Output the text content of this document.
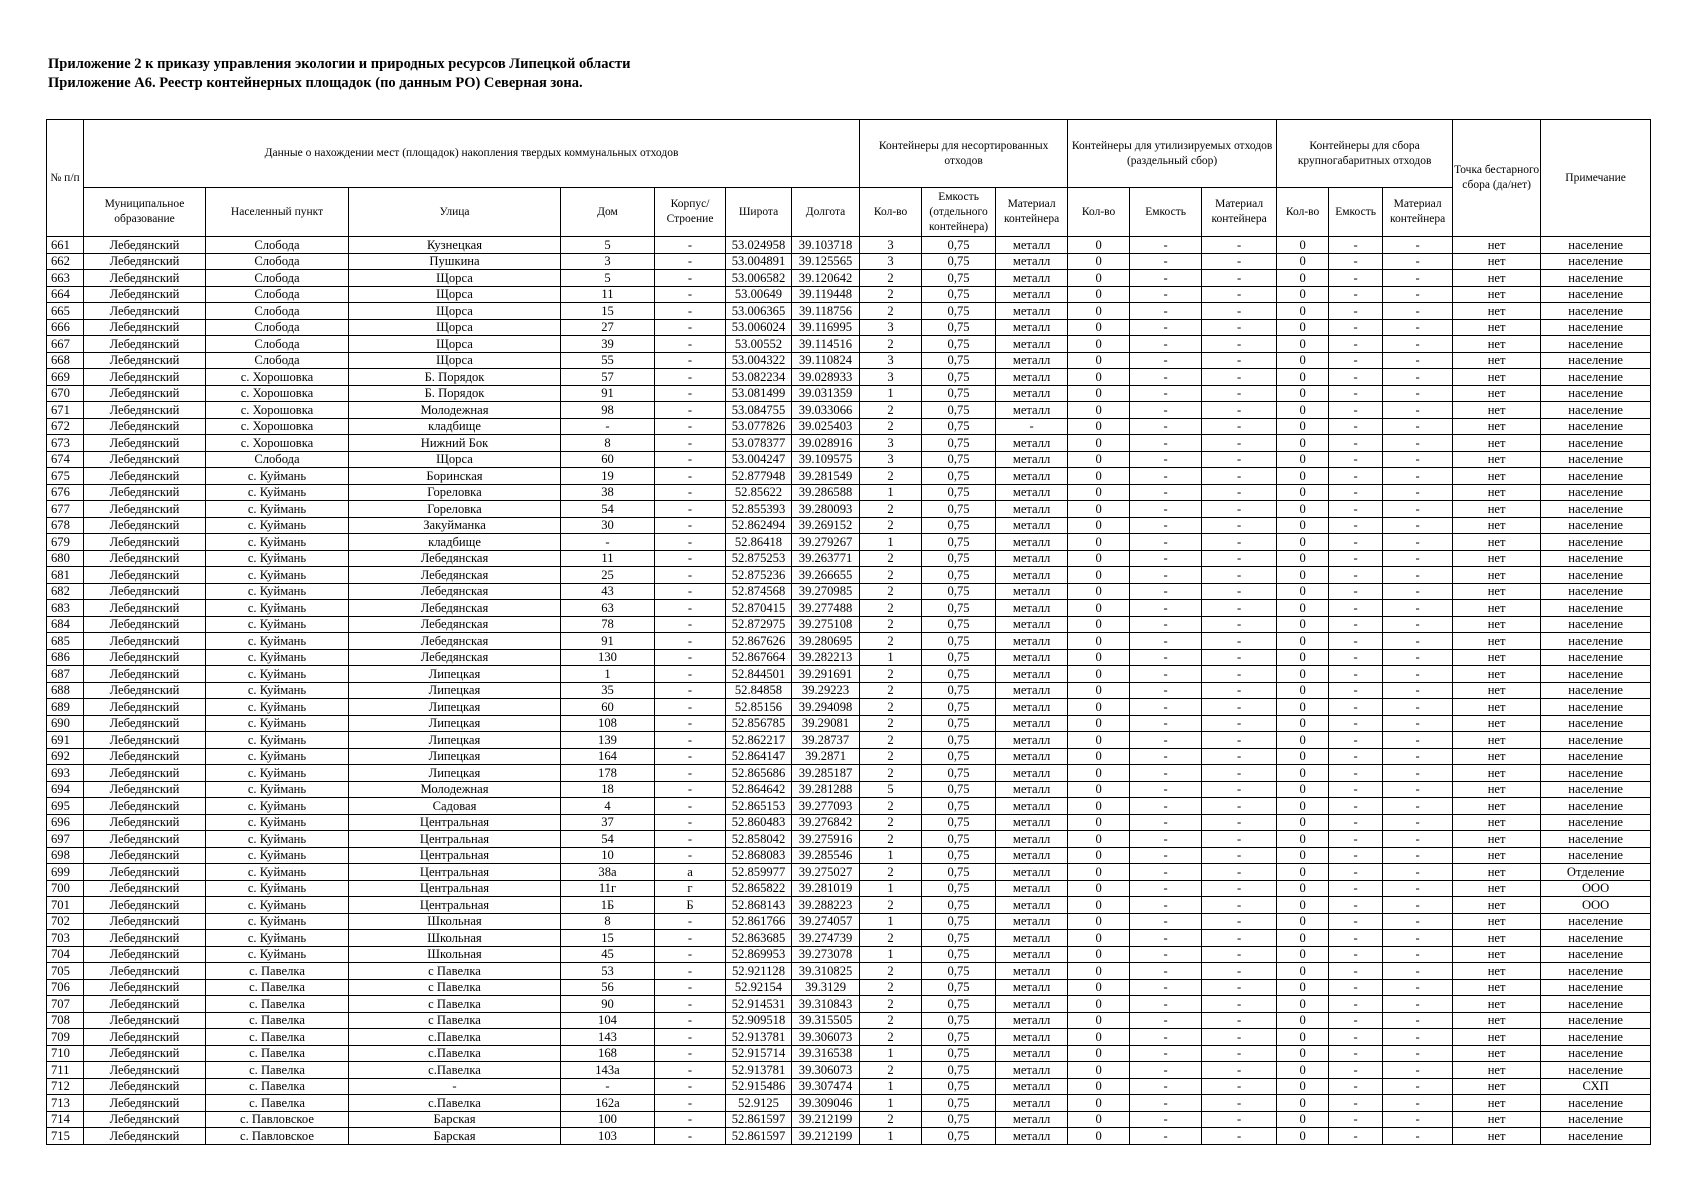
Приложение 2 к приказу управления экологии и природных ресурсов Липецкой области
Приложение А6. Реестр контейнерных площадок (по данным РО) Северная зона.
№ п/п	Данные о нахождении мест (площадок) накопления твердых коммунальных отходов							Контейнеры для несортированных отходов			Контейнеры для утилизируемых отходов (раздельный сбор)			Контейнеры для сбора крупногабаритных отходов			Точка бестарного сбора (да/нет)	Примечание
	Муниципальное образование	Населенный пункт	Улица	Дом	Корпус/ Строение	Широта	Долгота	Кол-во	Емкость (отдельного контейнера)	Материал контейнера	Кол-во	Емкость	Материал контейнера	Кол-во	Емкость	Материал контейнера		
661	Лебедянский	Слобода	Кузнецкая	5	-	53.024958	39.103718	3	0,75	металл	0	-	-	0	-	-	нет	население
662	Лебедянский	Слобода	Пушкина	3	-	53.004891	39.125565	3	0,75	металл	0	-	-	0	-	-	нет	население
663	Лебедянский	Слобода	Щорса	5	-	53.006582	39.120642	2	0,75	металл	0	-	-	0	-	-	нет	население
664	Лебедянский	Слобода	Щорса	11	-	53.00649	39.119448	2	0,75	металл	0	-	-	0	-	-	нет	население
665	Лебедянский	Слобода	Щорса	15	-	53.006365	39.118756	2	0,75	металл	0	-	-	0	-	-	нет	население
666	Лебедянский	Слобода	Щорса	27	-	53.006024	39.116995	3	0,75	металл	0	-	-	0	-	-	нет	население
667	Лебедянский	Слобода	Щорса	39	-	53.00552	39.114516	2	0,75	металл	0	-	-	0	-	-	нет	население
668	Лебедянский	Слобода	Щорса	55	-	53.004322	39.110824	3	0,75	металл	0	-	-	0	-	-	нет	население
669	Лебедянский	с. Хорошовка	Б. Порядок	57	-	53.082234	39.028933	3	0,75	металл	0	-	-	0	-	-	нет	население
670	Лебедянский	с. Хорошовка	Б. Порядок	91	-	53.081499	39.031359	1	0,75	металл	0	-	-	0	-	-	нет	население
671	Лебедянский	с. Хорошовка	Молодежная	98	-	53.084755	39.033066	2	0,75	металл	0	-	-	0	-	-	нет	население
672	Лебедянский	с. Хорошовка	кладбище	-	-	53.077826	39.025403	2	0,75	-	0	-	-	0	-	-	нет	население
673	Лебедянский	с. Хорошовка	Нижний Бок	8	-	53.078377	39.028916	3	0,75	металл	0	-	-	0	-	-	нет	население
674	Лебедянский	Слобода	Щорса	60	-	53.004247	39.109575	3	0,75	металл	0	-	-	0	-	-	нет	население
675	Лебедянский	с. Куймань	Боринская	19	-	52.877948	39.281549	2	0,75	металл	0	-	-	0	-	-	нет	население
676	Лебедянский	с. Куймань	Гореловка	38	-	52.85622	39.286588	1	0,75	металл	0	-	-	0	-	-	нет	население
677	Лебедянский	с. Куймань	Гореловка	54	-	52.855393	39.280093	2	0,75	металл	0	-	-	0	-	-	нет	население
678	Лебедянский	с. Куймань	Закуйманка	30	-	52.862494	39.269152	2	0,75	металл	0	-	-	0	-	-	нет	население
679	Лебедянский	с. Куймань	кладбище	-	-	52.86418	39.279267	1	0,75	металл	0	-	-	0	-	-	нет	население
680	Лебедянский	с. Куймань	Лебедянская	11	-	52.875253	39.263771	2	0,75	металл	0	-	-	0	-	-	нет	население
681	Лебедянский	с. Куймань	Лебедянская	25	-	52.875236	39.266655	2	0,75	металл	0	-	-	0	-	-	нет	население
682	Лебедянский	с. Куймань	Лебедянская	43	-	52.874568	39.270985	2	0,75	металл	0	-	-	0	-	-	нет	население
683	Лебедянский	с. Куймань	Лебедянская	63	-	52.870415	39.277488	2	0,75	металл	0	-	-	0	-	-	нет	население
684	Лебедянский	с. Куймань	Лебедянская	78	-	52.872975	39.275108	2	0,75	металл	0	-	-	0	-	-	нет	население
685	Лебедянский	с. Куймань	Лебедянская	91	-	52.867626	39.280695	2	0,75	металл	0	-	-	0	-	-	нет	население
686	Лебедянский	с. Куймань	Лебедянская	130	-	52.867664	39.282213	1	0,75	металл	0	-	-	0	-	-	нет	население
687	Лебедянский	с. Куймань	Липецкая	1	-	52.844501	39.291691	2	0,75	металл	0	-	-	0	-	-	нет	население
688	Лебедянский	с. Куймань	Липецкая	35	-	52.84858	39.29223	2	0,75	металл	0	-	-	0	-	-	нет	население
689	Лебедянский	с. Куймань	Липецкая	60	-	52.85156	39.294098	2	0,75	металл	0	-	-	0	-	-	нет	население
690	Лебедянский	с. Куймань	Липецкая	108	-	52.856785	39.29081	2	0,75	металл	0	-	-	0	-	-	нет	население
691	Лебедянский	с. Куймань	Липецкая	139	-	52.862217	39.28737	2	0,75	металл	0	-	-	0	-	-	нет	население
692	Лебедянский	с. Куймань	Липецкая	164	-	52.864147	39.2871	2	0,75	металл	0	-	-	0	-	-	нет	население
693	Лебедянский	с. Куймань	Липецкая	178	-	52.865686	39.285187	2	0,75	металл	0	-	-	0	-	-	нет	население
694	Лебедянский	с. Куймань	Молодежная	18	-	52.864642	39.281288	5	0,75	металл	0	-	-	0	-	-	нет	население
695	Лебедянский	с. Куймань	Садовая	4	-	52.865153	39.277093	2	0,75	металл	0	-	-	0	-	-	нет	население
696	Лебедянский	с. Куймань	Центральная	37	-	52.860483	39.276842	2	0,75	металл	0	-	-	0	-	-	нет	население
697	Лебедянский	с. Куймань	Центральная	54	-	52.858042	39.275916	2	0,75	металл	0	-	-	0	-	-	нет	население
698	Лебедянский	с. Куймань	Центральная	10	-	52.868083	39.285546	1	0,75	металл	0	-	-	0	-	-	нет	население
699	Лебедянский	с. Куймань	Центральная	38а	а	52.859977	39.275027	2	0,75	металл	0	-	-	0	-	-	нет	Отделение
700	Лебедянский	с. Куймань	Центральная	11г	г	52.865822	39.281019	1	0,75	металл	0	-	-	0	-	-	нет	ООО
701	Лебедянский	с. Куймань	Центральная	1Б	Б	52.868143	39.288223	2	0,75	металл	0	-	-	0	-	-	нет	ООО
702	Лебедянский	с. Куймань	Школьная	8	-	52.861766	39.274057	1	0,75	металл	0	-	-	0	-	-	нет	население
703	Лебедянский	с. Куймань	Школьная	15	-	52.863685	39.274739	2	0,75	металл	0	-	-	0	-	-	нет	население
704	Лебедянский	с. Куймань	Школьная	45	-	52.869953	39.273078	1	0,75	металл	0	-	-	0	-	-	нет	население
705	Лебедянский	с. Павелка	с Павелка	53	-	52.921128	39.310825	2	0,75	металл	0	-	-	0	-	-	нет	население
706	Лебедянский	с. Павелка	с Павелка	56	-	52.92154	39.3129	2	0,75	металл	0	-	-	0	-	-	нет	население
707	Лебедянский	с. Павелка	с Павелка	90	-	52.914531	39.310843	2	0,75	металл	0	-	-	0	-	-	нет	население
708	Лебедянский	с. Павелка	с Павелка	104	-	52.909518	39.315505	2	0,75	металл	0	-	-	0	-	-	нет	население
709	Лебедянский	с. Павелка	с.Павелка	143	-	52.913781	39.306073	2	0,75	металл	0	-	-	0	-	-	нет	население
710	Лебедянский	с. Павелка	с.Павелка	168	-	52.915714	39.316538	1	0,75	металл	0	-	-	0	-	-	нет	население
711	Лебедянский	с. Павелка	с.Павелка	143а	-	52.913781	39.306073	2	0,75	металл	0	-	-	0	-	-	нет	население
712	Лебедянский	с. Павелка	-	-	-	52.915486	39.307474	1	0,75	металл	0	-	-	0	-	-	нет	СХП
713	Лебедянский	с. Павелка	с.Павелка	162а	-	52.9125	39.309046	1	0,75	металл	0	-	-	0	-	-	нет	население
714	Лебедянский	с. Павловское	Барская	100	-	52.861597	39.212199	2	0,75	металл	0	-	-	0	-	-	нет	население
715	Лебедянский	с. Павловское	Барская	103	-	52.861597	39.212199	1	0,75	металл	0	-	-	0	-	-	нет	население
